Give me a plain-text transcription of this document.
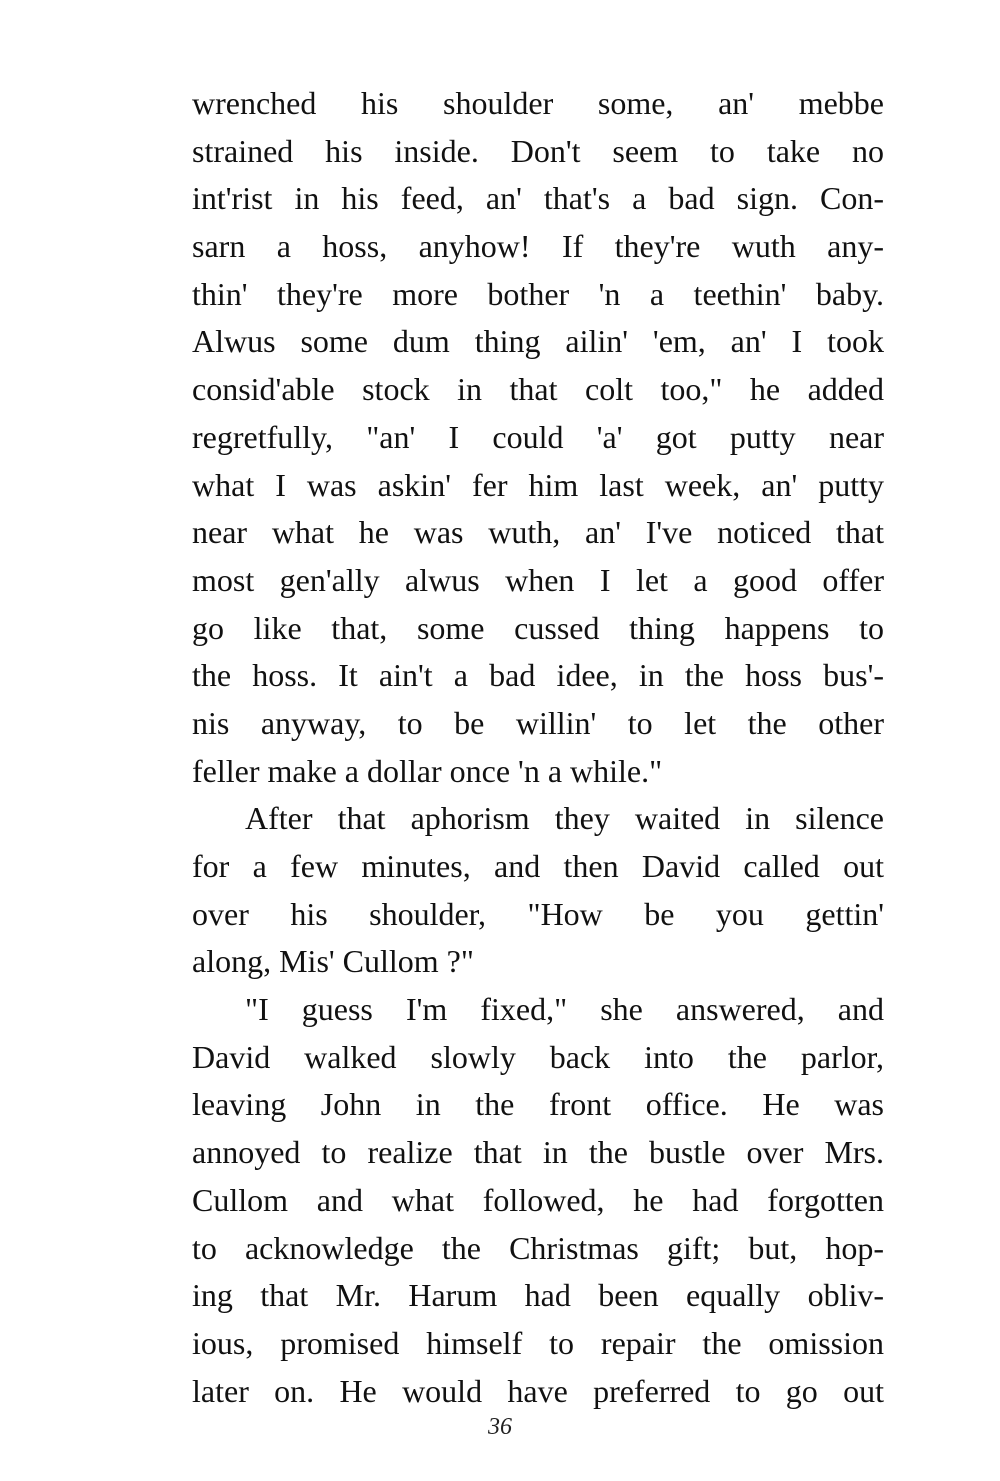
wrenched his shoulder some, an' mebbe
strained his inside. Don't seem to take no
int'rist in his feed, an' that's a bad sign. Con-
sarn a hoss, anyhow! If they're wuth any-
thin' they're more bother 'n a teethin' baby.
Alwus some dum thing ailin' 'em, an' I took
consid'able stock in that colt too," he added
regretfully, "an' I could 'a' got putty near
what I was askin' fer him last week, an' putty
near what he was wuth, an' I've noticed that
most gen'ally alwus when I let a good offer
go like that, some cussed thing happens to
the hoss. It ain't a bad idee, in the hoss bus'-
nis anyway, to be willin' to let the other
feller make a dollar once 'n a while."
After that aphorism they waited in silence
for a few minutes, and then David called out
over his shoulder, "How be you gettin'
along, Mis' Cullom ?"
"I guess I'm fixed," she answered, and
David walked slowly back into the parlor,
leaving John in the front office. He was
annoyed to realize that in the bustle over Mrs.
Cullom and what followed, he had forgotten
to acknowledge the Christmas gift; but, hop-
ing that Mr. Harum had been equally obliv-
ious, promised himself to repair the omission
later on. He would have preferred to go out
36
